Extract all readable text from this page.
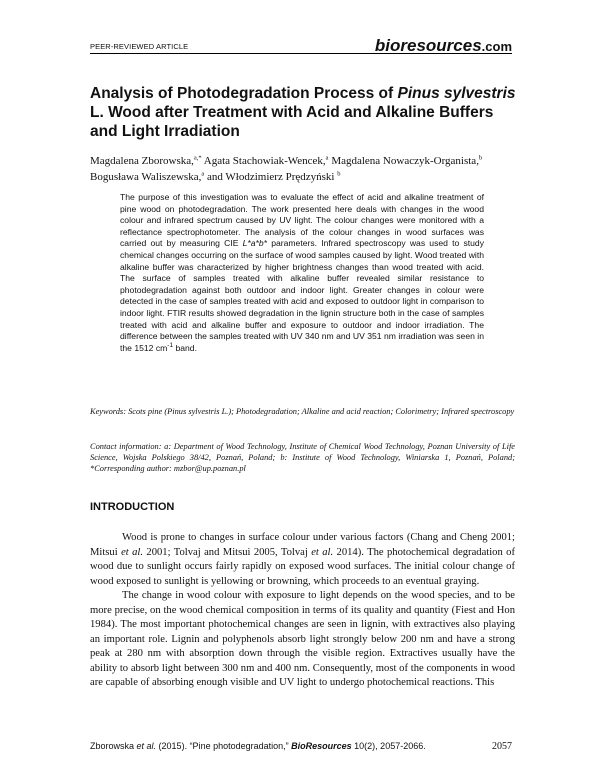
PEER-REVIEWED ARTICLE	bioresources.com
Analysis of Photodegradation Process of Pinus sylvestris L. Wood after Treatment with Acid and Alkaline Buffers and Light Irradiation
Magdalena Zborowska,$^{a,*}$ Agata Stachowiak-Wencek,$^a$ Magdalena Nowaczyk-Organista,$^b$ Bogusława Waliszewska,$^a$ and Włodzimierz Prędzyński $^b$
The purpose of this investigation was to evaluate the effect of acid and alkaline treatment of pine wood on photodegradation. The work presented here deals with changes in the wood colour and infrared spectrum caused by UV light. The colour changes were monitored with a reflectance spectrophotometer. The analysis of the colour changes in wood surfaces was carried out by measuring CIE L*a*b* parameters. Infrared spectroscopy was used to study chemical changes occurring on the surface of wood samples caused by light. Wood treated with alkaline buffer was characterized by higher brightness changes than wood treated with acid. The surface of samples treated with alkaline buffer revealed similar resistance to photodegradation against both outdoor and indoor light. Greater changes in colour were detected in the case of samples treated with acid and exposed to outdoor light in comparison to indoor light. FTIR results showed degradation in the lignin structure both in the case of samples treated with acid and alkaline buffer and exposure to outdoor and indoor irradiation. The difference between the samples treated with UV 340 nm and UV 351 nm irradiation was seen in the 1512 $cm^{-1}$ band.
Keywords: Scots pine (Pinus sylvestris L.); Photodegradation; Alkaline and acid reaction; Colorimetry; Infrared spectroscopy
Contact information: a: Department of Wood Technology, Institute of Chemical Wood Technology, Poznan University of Life Science, Wojska Polskiego 38/42, Poznań, Poland; b: Institute of Wood Technology, Winiarska 1, Poznań, Poland; *Corresponding author: mzbor@up.poznan.pl
INTRODUCTION

Wood is prone to changes in surface colour under various factors (Chang and Cheng 2001; Mitsui et al. 2001; Tolvaj and Mitsui 2005, Tolvaj et al. 2014). The photochemical degradation of wood due to sunlight occurs fairly rapidly on exposed wood surfaces. The initial colour change of wood exposed to sunlight is yellowing or browning, which proceeds to an eventual graying.

The change in wood colour with exposure to light depends on the wood species, and to be more precise, on the wood chemical composition in terms of its quality and quantity (Fiest and Hon 1984). The most important photochemical changes are seen in lignin, with extractives also playing an important role. Lignin and polyphenols absorb light strongly below 200 nm and have a strong peak at 280 nm with absorption down through the visible region. Extractives usually have the ability to absorb light between 300 nm and 400 nm. Consequently, most of the components in wood are capable of absorbing enough visible and UV light to undergo photochemical reactions. This

Zborowska et al. (2015). “Pine photodegradation,” BioResources 10(2), 2057-2066.	2057
